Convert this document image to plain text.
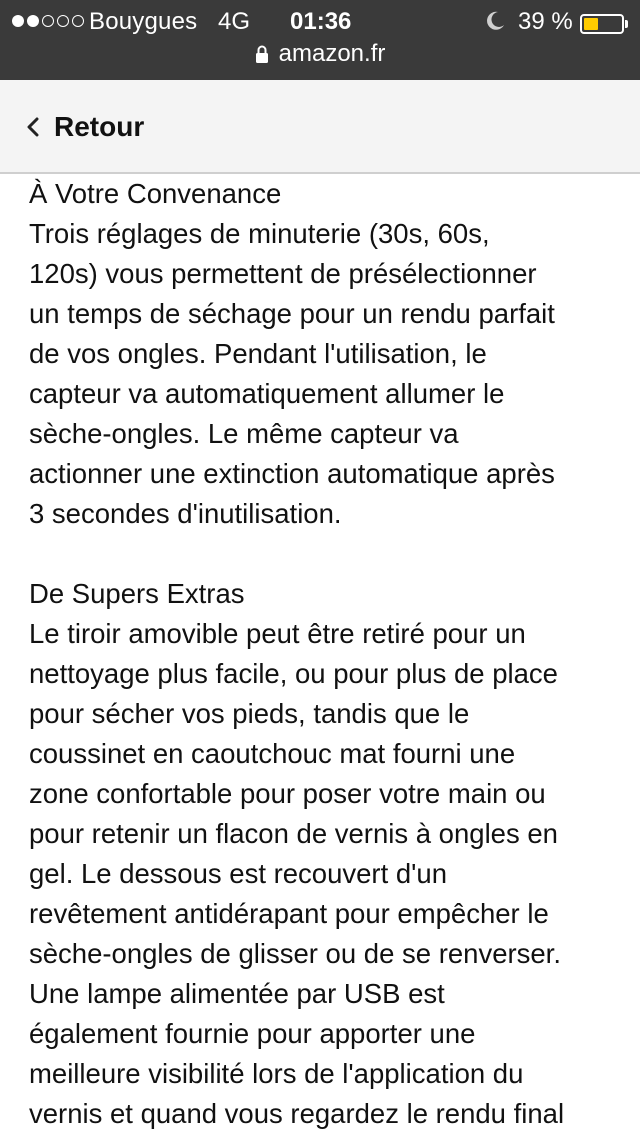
Bouygues 4G 01:36	39 %
amazon.fr
Retour

À Votre Convenance

Trois réglages de minuterie (30s, 60s,

120s) vous permettent de présélectionner

un temps de séchage pour un rendu parfait

de vos ongles. Pendant l'utilisation, le

capteur va automatiquement allumer le

sèche-ongles. Le même capteur va

actionner une extinction automatique après

3 secondes d'inutilisation.

De Supers Extras

Le tiroir amovible peut être retiré pour un

nettoyage plus facile, ou pour plus de place

pour sécher vos pieds, tandis que le

coussinet en caoutchouc mat fourni une

zone confortable pour poser votre main ou

pour retenir un flacon de vernis à ongles en

gel. Le dessous est recouvert d'un

revêtement antidérapant pour empêcher le

sèche-ongles de glisser ou de se renverser.

Une lampe alimentée par USB est

également fournie pour apporter une

meilleure visibilité lors de l'application du

vernis et quand vous regardez le rendu final
